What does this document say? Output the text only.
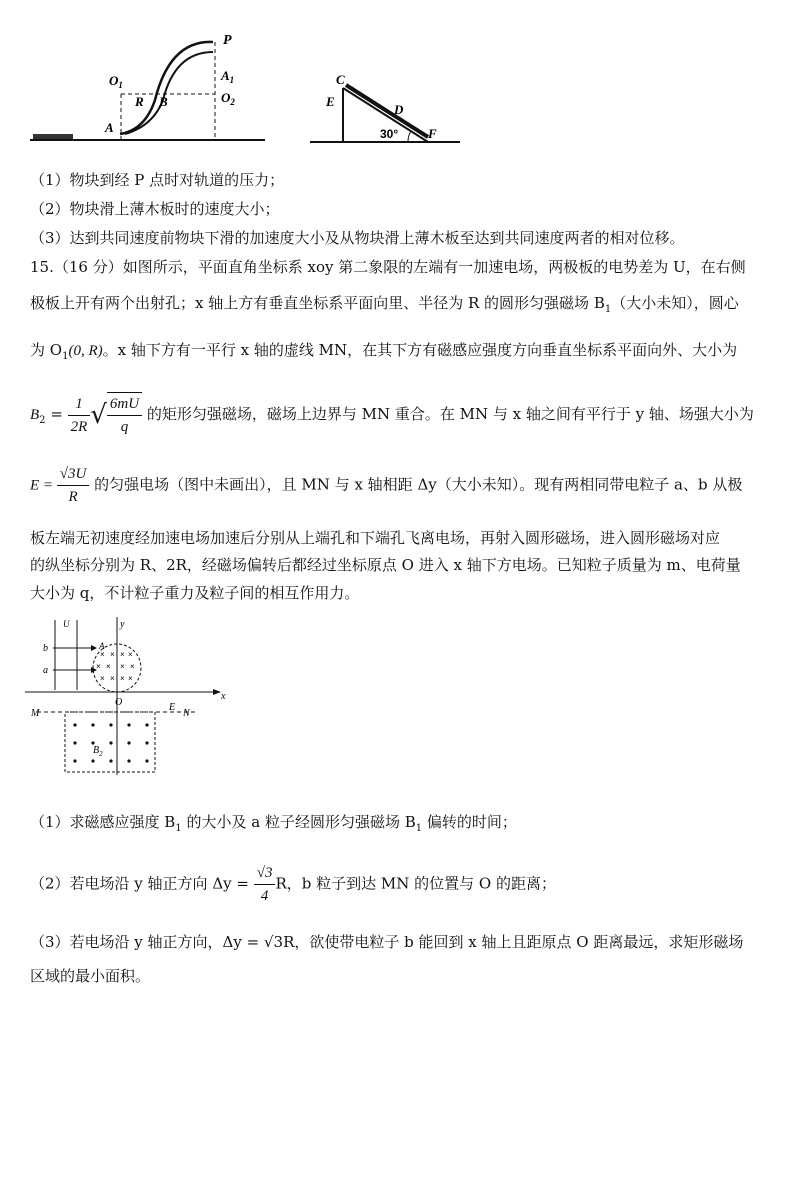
P
$O_1$
$A_1$
$O_2$
R B
A
C
D
E
F
30°
（1）物块到经 P 点时对轨道的压力；
（2）物块滑上薄木板时的速度大小；
（3）达到共同速度前物块下滑的加速度大小及从物块滑上薄木板至达到共同速度两者的相对位移。
15.（16 分）如图所示，平面直角坐标系 xoy 第二象限的左端有一加速电场，两极板的电势差为 U，在右侧
极板上开有两个出射孔；x 轴上方有垂直坐标系平面向里、半径为 R 的圆形匀强磁场 $B_1$（大小未知），圆心
为 $O_1(0$, R)。x 轴下方有一平行 x 轴的虚线 MN，在其下方有磁感应强度方向垂直坐标系平面向外、大小为
$B_2 = \frac{1}{2R}$ √ $\frac{6mU}{q}$ 的矩形匀强磁场，磁场上边界与 MN 重合。在 MN 与 x 轴之间有平行于 y 轴、场强大小为
$E = \frac{√3U}{R}$ 的匀强电场（图中未画出），且 MN 与 x 轴相距 Δy（大小未知）。现有两相同带电粒子 a、b 从极
板左端无初速度经加速电场加速后分别从上端孔和下端孔飞离电场，再射入圆形磁场，进入圆形磁场对应
的纵坐标分别为 R、2R，经磁场偏转后都经过坐标原点 O 进入 x 轴下方电场。已知粒子质量为 m、电荷量
大小为 q，不计粒子重力及粒子间的相互作用力。
U
b
a
y
× × × ×
× × × ×
× × × ×
A
x
O
M
E
N
$B_2$
（1）求磁感应强度 $B_1$ 的大小及 a 粒子经圆形匀强磁场 $B_1$ 偏转的时间；
（2）若电场沿 y 轴正方向 $\Delta y = \frac{√3}{4}$ R，b 粒子到达 MN 的位置与 O 的距离；
（3）若电场沿 y 轴正方向，Δy = √3R，欲使带电粒子 b 能回到 x 轴上且距原点 O 距离最远，求矩形磁场
区域的最小面积。
